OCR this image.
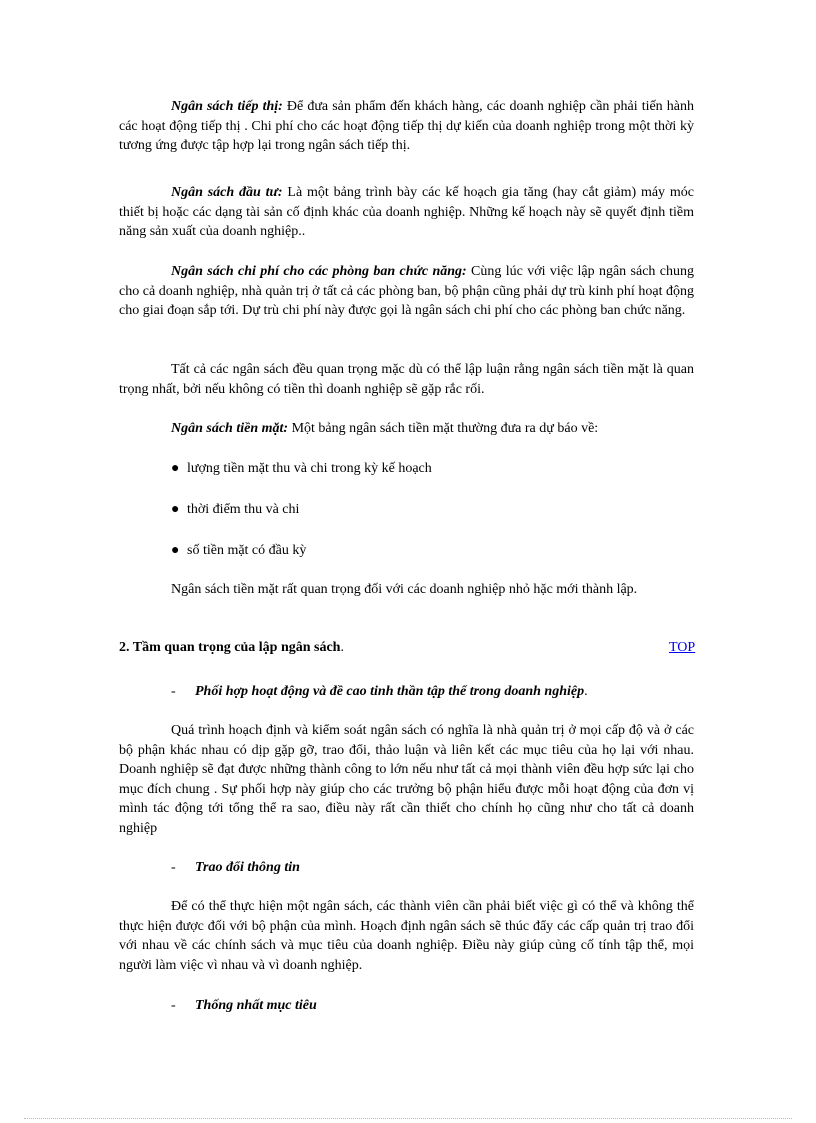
Ngân sách tiếp thị: Để đưa sản phẩm đến khách hàng, các doanh nghiệp cần phải tiến hành các hoạt động tiếp thị . Chi phí cho các hoạt động tiếp thị dự kiến của doanh nghiệp trong một thời kỳ tương ứng được tập hợp lại trong ngân sách tiếp thị.

Ngân sách đầu tư: Là một bảng trình bày các kế hoạch gia tăng (hay cắt giảm) máy móc thiết bị hoặc các dạng tài sản cố định khác của doanh nghiệp. Những kế hoạch này sẽ quyết định tiềm năng sản xuất của doanh nghiệp..

Ngân sách chi phí cho các phòng ban chức năng: Cùng lúc với việc lập ngân sách chung cho cả doanh nghiệp, nhà quản trị ở tất cả các phòng ban, bộ phận cũng phải dự trù kinh phí hoạt động cho giai đoạn sắp tới. Dự trù chi phí này được gọi là ngân sách chi phí cho các phòng ban chức năng.

Tất cả các ngân sách đều quan trọng mặc dù có thể lập luận rằng ngân sách tiền mặt là quan trọng nhất, bởi nếu không có tiền thì doanh nghiệp sẽ gặp rắc rối.

Ngân sách tiền mặt: Một bảng ngân sách tiền mặt thường đưa ra dự báo về:

● lượng tiền mặt thu và chi trong kỳ kế hoạch

● thời điểm thu và chi

● số tiền mặt có đầu kỳ

Ngân sách tiền mặt rất quan trọng đối với các doanh nghiệp nhỏ hặc mới thành lập.

2. Tầm quan trọng của lập ngân sách.	TOP

- Phối hợp hoạt động và đề cao tinh thần tập thể trong doanh nghiệp.

Quá trình hoạch định và kiểm soát ngân sách có nghĩa là nhà quản trị ở mọi cấp độ và ở các bộ phận khác nhau có dịp gặp gỡ, trao đổi, thảo luận và liên kết các mục tiêu của họ lại với nhau. Doanh nghiệp sẽ đạt được những thành công to lớn nếu như tất cả mọi thành viên đều hợp sức lại cho mục đích chung . Sự phối hợp này giúp cho các trưởng bộ phận hiểu được mỗi hoạt động của đơn vị mình tác động tới tổng thể ra sao, điều này rất cần thiết cho chính họ cũng như cho tất cả doanh nghiệp

- Trao đổi thông tin

Để có thể thực hiện một ngân sách, các thành viên cần phải biết việc gì có thể và không thể thực hiện được đối với bộ phận của mình. Hoạch định ngân sách sẽ thúc đẩy các cấp quản trị trao đổi với nhau về các chính sách và mục tiêu của doanh nghiệp. Điều này giúp củng cố tính tập thể, mọi người làm việc vì nhau và vì doanh nghiệp.

- Thống nhất mục tiêu
